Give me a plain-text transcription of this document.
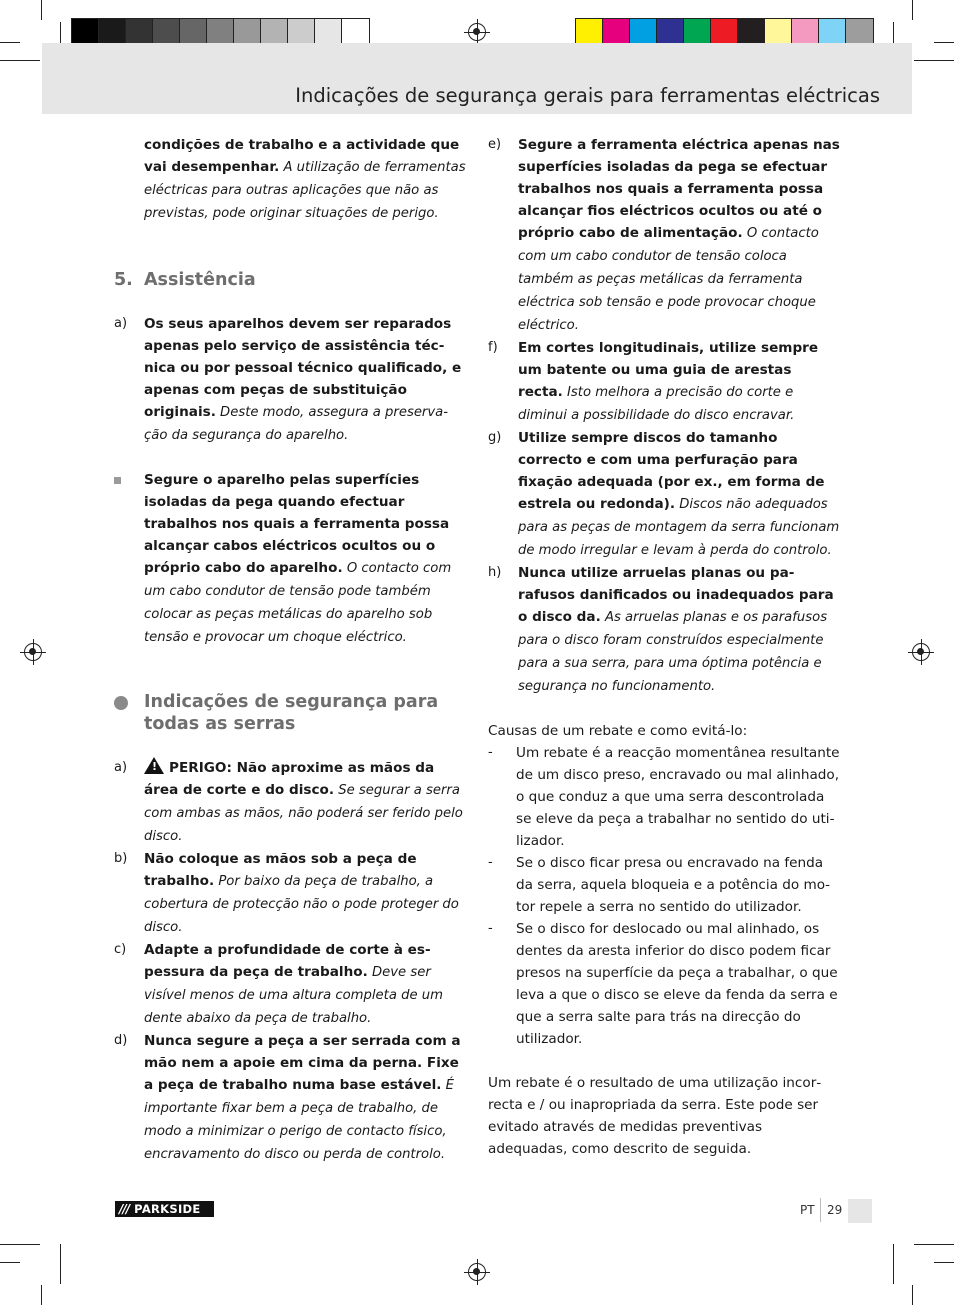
Indicações de segurança gerais para ferramentas eléctricas
condições de trabalho e a actividade que vai desempenhar. A utilização de ferramentas eléctricas para outras aplicações que não as previstas, pode originar situações de perigo.
5. Assistência
a)	Os seus aparelhos devem ser reparados apenas pelo serviço de assistência técnica ou por pessoal técnico qualificado, e apenas com peças de substituição originais. Deste modo, assegura a preservação da segurança do aparelho.
Segure o aparelho pelas superfícies isoladas da pega quando efectuar trabalhos nos quais a ferramenta possa alcançar cabos eléctricos ocultos ou o próprio cabo do aparelho. O contacto com um cabo condutor de tensão pode também colocar as peças metálicas do aparelho sob tensão e provocar um choque eléctrico.
Indicações de segurança para todas as serras
a)	! PERIGO: Não aproxime as mãos da área de corte e do disco. Se segurar a serra com ambas as mãos, não poderá ser ferido pelo disco.
b)	Não coloque as mãos sob a peça de trabalho. Por baixo da peça de trabalho, a cobertura de protecção não o pode proteger do disco.
c)	Adapte a profundidade de corte à espessura da peça de trabalho. Deve ser visível menos de uma altura completa de um dente abaixo da peça de trabalho.
d)	Nunca segure a peça a ser serrada com a mão nem a apoie em cima da perna. Fixe a peça de trabalho numa base estável. É importante fixar bem a peça de trabalho, de modo a minimizar o perigo de contacto físico, encravamento do disco ou perda de controlo.
e)	Segure a ferramenta eléctrica apenas nas superfícies isoladas da pega se efectuar trabalhos nos quais a ferramenta possa alcançar fios eléctricos ocultos ou até o próprio cabo de alimentação. O contacto com um cabo condutor de tensão coloca também as peças metálicas da ferramenta eléctrica sob tensão e pode provocar choque eléctrico.
f)	Em cortes longitudinais, utilize sempre um batente ou uma guia de arestas recta. Isto melhora a precisão do corte e diminui a possibilidade do disco encravar.
g)	Utilize sempre discos do tamanho correcto e com uma perfuração para fixação adequada (por ex., em forma de estrela ou redonda). Discos não adequados para as peças de montagem da serra funcionam de modo irregular e levam à perda do controlo.
h)	Nunca utilize arruelas planas ou parafusos danificados ou inadequados para o disco da. As arruelas planas e os parafusos para o disco foram construídos especialmente para a sua serra, para uma óptima potência e segurança no funcionamento.
Causas de um rebate e como evitá-lo:
-	Um rebate é a reacção momentânea resultante de um disco preso, encravado ou mal alinhado, o que conduz a que uma serra descontrolada se eleve da peça a trabalhar no sentido do utilizador.
-	Se o disco ficar presa ou encravado na fenda da serra, aquela bloqueia e a potência do motor repele a serra no sentido do utilizador.
-	Se o disco for deslocado ou mal alinhado, os dentes da aresta inferior do disco podem ficar presos na superfície da peça a trabalhar, o que leva a que o disco se eleve da fenda da serra e que a serra salte para trás na direcção do utilizador.
Um rebate é o resultado de uma utilização incorrecta e / ou inapropriada da serra. Este pode ser evitado através de medidas preventivas adequadas, como descrito de seguida.
/// PARKSIDE	PT 29
